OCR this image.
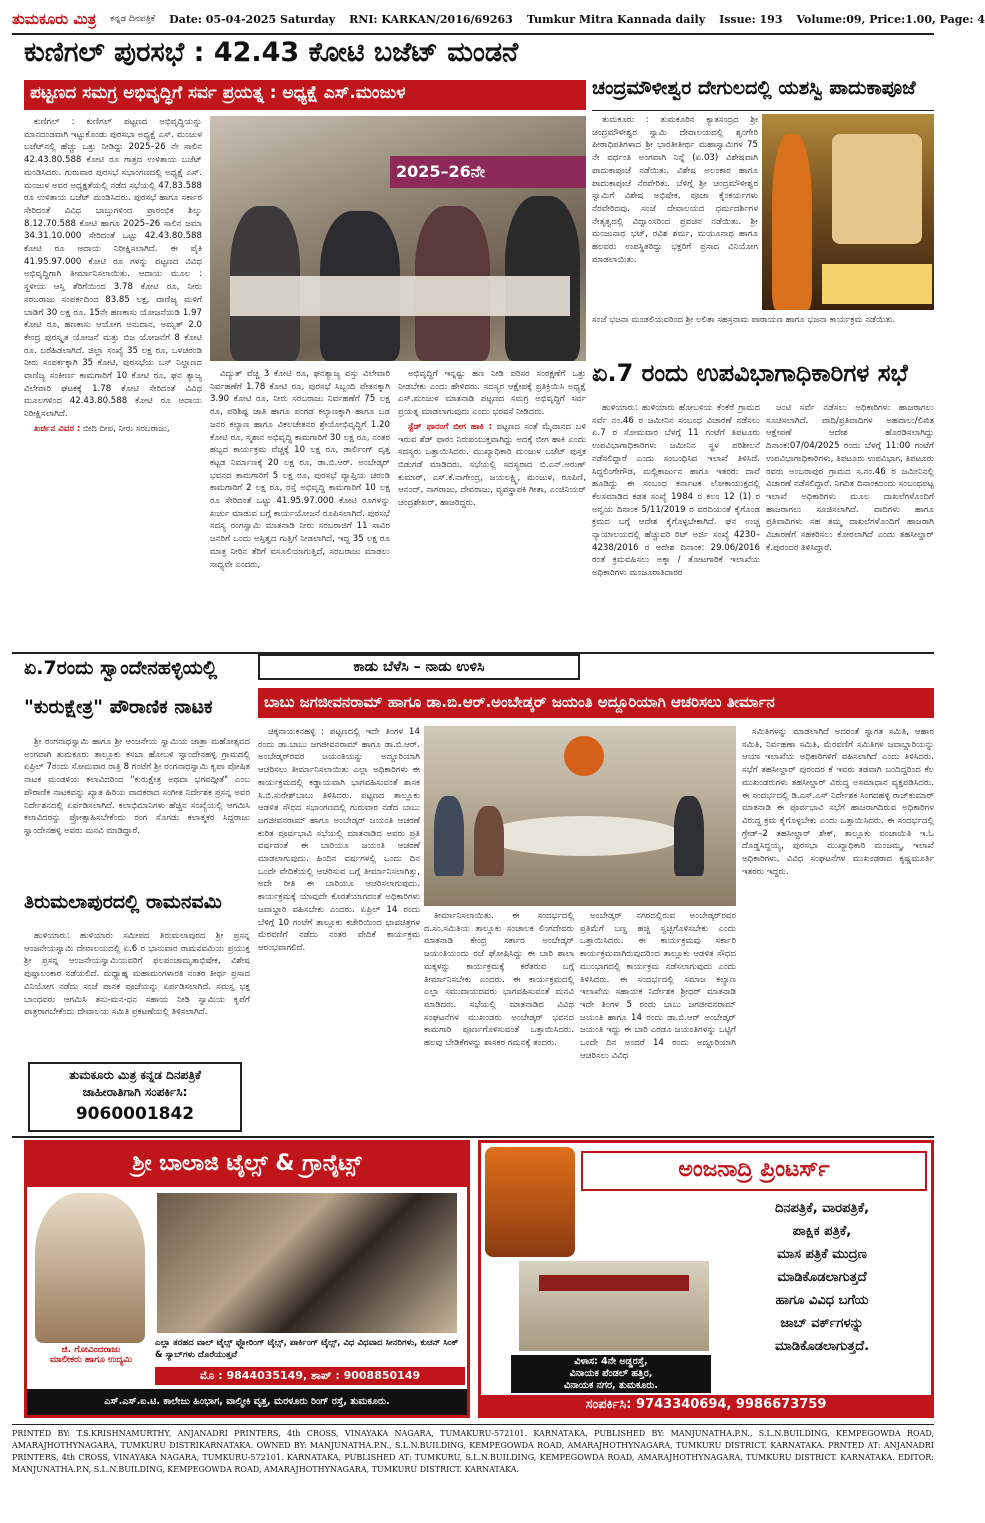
ತುಮಕೂರು ಮಿತ್ರ ಕನ್ನಡ ದಿನಪತ್ರಿಕೆ Date: 05-04-2025 Saturday RNI: KARKAN/2016/69263 Tumkur Mitra Kannada daily Issue: 193 Volume:09, Price:1.00, Page: 4
ಕುಣಿಗಲ್ ಪುರಸಭೆ : 42.43 ಕೋಟಿ ಬಜೆಟ್ ಮಂಡನೆ
ಪಟ್ಟಣದ ಸಮಗ್ರ ಅಭಿವೃದ್ಧಿಗೆ ಸರ್ವ ಪ್ರಯತ್ನ : ಅಧ್ಯಕ್ಷೆ ಎಸ್.ಮಂಜುಳ

ಕುಣಿಗಲ್ : ಕುಣಿಗಲ್ ಪಟ್ಟಣದ ಅಭಿವೃದ್ಧಿಯನ್ನು ಮಾನದಂಡವಾಗಿ ಇಟ್ಟುಕೊಂಡು ಪುರಸಭಾ ಅಧ್ಯಕ್ಷೆ ಎಸ್. ಮಂಜುಳ ಬಜೆಟ್‌ನಲ್ಲಿ ಹೆಚ್ಚು ಒತ್ತು ನೀಡಿದ್ದು 2025–26 ನೇ ಸಾಲಿನ 42.43.80.588 ಕೋಟಿ ರೂ ಗಾತ್ರದ ಉಳಿತಾಯ ಬಜೆಟ್ ಮಂಡಿಸಿದರು. ಗುರುವಾರ ಪುರಸಭೆ ಸಭಾಂಗಣದಲ್ಲಿ ಅಧ್ಯಕ್ಷೆ ಎಸ್. ಮಂಜುಳ ಅವರ ಅಧ್ಯಕ್ಷತೆಯಲ್ಲಿ ನಡೆದ ಸಭೆಯಲ್ಲಿ 47.83.588 ರೂ ಉಳಿತಾಯ ಬಜೆಟ್ ಮಂಡಿಸಿದರು. ಪುರಸಭೆ ಹಾಗೂ ಸರ್ಕಾರ ಸೇರಿದಂತೆ ವಿವಿಧ ಬಾಬ್ತುಗಳಿಂದ ಪ್ರಾರಂಭಿಕ ಶಿಲ್ಕು 8.12.70.588 ಕೋಟಿ ಹಾಗೂ 2025–26 ಸಾಲಿನ ಜಮಾ 34.31.10.000 ಸೇರಿದಂತೆ ಒಟ್ಟು 42.43.80.588 ಕೋಟಿ ರೂ ಆದಾಯ ನಿರೀಕ್ಷಿಸಲಾಗಿದೆ. ಈ ಪೈಕಿ 41.95.97.000 ಕೋಟಿ ರೂ ಗಳನ್ನು ಪಟ್ಟಣದ ವಿವಿಧ ಅಭಿವೃದ್ಧಿಗಾಗಿ ತೀರ್ಮಾನಿಸಲಾಯಿತು. ಆದಾಯ ಮೂಲ : ಸ್ಥಳೀಯ ಆಸ್ತಿ ತೆರಿಗೆಯಿಂದ 3.78 ಕೋಟಿ ರೂ, ನೀರು ಸರಬರಾಜು ಸಂಪರ್ಕದಿಂದ 83.85 ಲಕ್ಷ, ವಾಣಿಜ್ಯ ಮಳಿಗೆ ಬಾಡಿಗೆ 30 ಲಕ್ಷ ರೂ. 15ನೇ ಹಣಕಾಸು ಯೋಜನೆಯಡಿ 1.97 ಕೋಟಿ ರೂ, ಹಣಕಾಸು ಆಯೋಗ ಅನುದಾನ, ಅಮೃತ್ 2.0 ಕೇಂದ್ರ ಪುರಸ್ಕೃತ ಯೋಜನೆ ಮತ್ತು ಬಿಜ ಯೋಜನೆಗೆ 8 ಕೋಟಿ ರೂ. ಬರೆಹಿಡಲಾಗಿದೆ. ಜಿಲ್ಲಾ ಸಂಖ್ಯೆ 35 ಲಕ್ಷ ರೂ, ಒಳಚರಂಡಿ ನೀರು ಸಂಪರ್ಕಕ್ಕಾಗಿ 35 ಕೋಟಿ, ಪುರಸಭೆಯ ಬಸ್ ನಿಲ್ದಾಣದ ವಾಣಿಜ್ಯ ಸಂಕೀರ್ಣ ಕಾಮಗಾರಿಗೆ 10 ಕೋಟಿ ರೂ, ಘನ ತ್ಯಾಜ್ಯ ವಿಲೇವಾರಿ ಘಟಕಕ್ಕೆ 1.78 ಕೋಟಿ ಸೇರಿದಂತೆ ವಿವಿಧ ಮೂಲಗಳಿಂದ 42.43.80.588 ಕೋಟಿ ರೂ ಆದಾಯ ನಿರೀಕ್ಷಿಸಲಾಗಿದೆ.

ಖರ್ಚಿನ ವಿವರ : ಬೀದಿ ದೀಪ, ನೀರು ಸರಬರಾಜು,

2025–26ನೇ

ವಿದ್ಯುತ್ ವೆಚ್ಚ 3 ಕೋಟಿ ರೂ, ಘನತ್ಯಾಜ್ಯ ವಸ್ತು ವಿಲೇವಾರಿ ನಿರ್ವಹಣೆಗೆ 1.78 ಕೋಟಿ ರೂ, ಪುರಸಭೆ ಸಿಬ್ಬಂದಿ ವೇತನಕ್ಕಾಗಿ 3.90 ಕೋಟಿ ರೂ, ನೀರು ಸರಬರಾಜು ನಿರ್ವಹಣೆಗೆ 75 ಲಕ್ಷ ರೂ, ಪರಿಶಿಷ್ಟ ಜಾತಿ ಹಾಗೂ ಪಂಗಡ ಕಲ್ಯಾಣಕ್ಕಾಗಿ ಹಾಗೂ ಬಡ ಜನರ ಕಲ್ಯಾಣ ಹಾಗೂ ವಿಕಲಚೇತನರ ಶ್ರೇಯೋಭಿವೃದ್ಧಿಗೆ 1.20 ಕೋಟಿ ರೂ, ಸ್ಮಶಾನ ಅಭಿವೃದ್ಧಿ ಕಾಮಗಾರಿಗೆ 30 ಲಕ್ಷ ರೂ, ನಂತರ ಹಬ್ಬದ ಕಾರ್ಯಕ್ರಮ ವೆಚ್ಚಕ್ಕೆ 10 ಲಕ್ಷ ರೂ, ಡಾರ್ಲಿಂಗ್ ವೃತ್ತ ಕಟ್ಟಡ ನಿರ್ಮಾಣಕ್ಕೆ 20 ಲಕ್ಷ ರೂ, ಡಾ.ಬಿ.ಆರ್. ಅಂಬೇಡ್ಕರ್ ಭವನದ ಕಾಮಗಾರಿಗೆ 5 ಲಕ್ಷ ರೂ, ಪುರಸಭೆ ವ್ಯಾಪ್ತಿಯ ಚರಂಡಿ ಕಾಮಗಾರಿಗೆ 2 ಲಕ್ಷ ರೂ, ರಸ್ತೆ ಅಭಿವೃದ್ಧಿ ಕಾಮಗಾರಿಗೆ 10 ಲಕ್ಷ ರೂ ಸೇರಿದಂತೆ ಒಟ್ಟು 41.95.97.000 ಕೋಟಿ ರೂಗಳನ್ನು ಖರ್ಚು ಮಾಡುವ ಬಗ್ಗೆ ಕಾರ್ಯಯೋಜನೆ ರೂಪಿಸಲಾಗಿದೆ. ಪುರಸಭೆ ಸದಸ್ಯ ರಂಗಸ್ವಾಮಿ ಮಾತನಾಡಿ ನೀರು ಸರಬರಾಜಿಗೆ 11 ಸಾವಿರ ಜನರಿಗೆ ಒಂದು ಅಸ್ತಿತ್ವದ ಗುತ್ತಿಗೆ ನೀಡಲಾಗಿದೆ, ಇದ್ದ 35 ಲಕ್ಷ ರೂ ಮಾತ್ರ ನೀರಿನ ತೆರಿಗೆ ವಸೂಲಿಯಾಗುತ್ತಿದೆ, ಸರಬರಾಜು ಮಾಡಲು ಸಾಧ್ಯವೇ ಎಂದರು,

ಅಭಿವೃದ್ಧಿಗೆ ಇನ್ನಷ್ಟು ಹಣ ನೀಡಿ ಪರಿಸರ ಸಂರಕ್ಷಣೆಗೆ ಒತ್ತು ನೀಡಬೇಕು ಎಂದು ಹೇಳಿದರು. ಸದಸ್ಯರ ಆಕ್ಷೇಪಕ್ಕೆ ಪ್ರತಿಕ್ರಿಯಿಸಿ ಅಧ್ಯಕ್ಷೆ ಎಸ್.ಮಂಜುಳ ಮಾತನಾಡಿ ಪಟ್ಟಣದ ಸಮಗ್ರ ಅಭಿವೃದ್ಧಿಗೆ ಸರ್ವ ಪ್ರಯತ್ನ ಮಾಡಲಾಗುವುದು ಎಂದು ಭರವಸೆ ನೀಡಿದರು.

ಸ್ಟೆಡ್ ಫಾರಂಗೆ ಬೀಗ ಹಾಕಿ : ಪಟ್ಟಣದ ಸಂತೆ ಮೈದಾನದ ಬಳಿ ಇರುವ ಶೆಡ್ ಫಾರಂ ನಿರುಪಯುಕ್ತವಾಗಿದ್ದು ಅದಕ್ಕೆ ಬೀಗ ಹಾಕಿ ಎಂದು ಸದಸ್ಯರು ಒತ್ತಾಯಿಸಿದರು. ಮುಖ್ಯಾಧಿಕಾರಿ ಮಂಜುಳ ಬಜೆಟ್ ಪುಸ್ತಕ ಬಿಡುಗಡೆ ಮಾಡಿದರು. ಸಭೆಯಲ್ಲಿ ಸದಸ್ಯರಾದ ಬಿ.ಎನ್.ಅರುಣ್ ಕುಮಾರ್, ಎಸ್.ಕೆ.ನಾಗೇಂದ್ರ, ಜಯಲಕ್ಷ್ಮಿ, ಮಂಜುಳ, ರೂಪಿಣಿ, ಆನಂದ್, ನಾಗರಾಜು, ದೇವರಾಜು, ವ್ಯವಸ್ಥಾಪಕಿ ಗೀತಾ, ಎಂಜಿನಿಯರ್ ಚಂದ್ರಶೇಖರ್, ಹಾಜರಿದ್ದರು.

ಚಂದ್ರಮೌಳೀಶ್ವರ ದೇಗುಲದಲ್ಲಿ ಯಶಸ್ವಿ ಪಾದುಕಾಪೂಜೆ

ತುಮಕೂರು : ತುಮಕೂರಿನ ಕ್ಯಾತಸಂದ್ರದ ಶ್ರೀ ಚಂದ್ರಮೌಳೀಶ್ವರ ಸ್ವಾಮಿ ದೇವಾಲಯದಲ್ಲಿ ಶೃಂಗೇರಿ ಪೀಠಾಧಿಪತಿಗಳಾದ ಶ್ರೀ ಭಾರತೀತೀರ್ಥ ಮಹಾಸ್ವಾಮಿಗಳ 75 ನೇ ವರ್ಧಂತಿ ಅಂಗವಾಗಿ ನಿನ್ನೆ (ಏ.03) ವಿಶೇಷವಾಗಿ ಪಾದುಕಾಪೂಜೆ ನಡೆಯಿತು. ವಿಶೇಷ ಅಲಂಕಾರ ಹಾಗೂ ಪಾದುಕಾಪೂಜೆ ನೆರವೇರಿತು. ಬೆಳಿಗ್ಗೆ ಶ್ರೀ ಚಂದ್ರಮೌಳೀಶ್ವರ ಸ್ವಾಮಿಗೆ ವಿಶೇಷ ಅಭಿಷೇಕ, ಪೂಜಾ ಕೈಂಕರ್ಯಗಳು ನೆರವೇರಿದವು. ಸಂಜೆ ದೇವಾಲಯದ ಧರ್ಮದರ್ಶಿಗಳ ನೇತೃತ್ವದಲ್ಲಿ ವಿದ್ವಾಂಸರಿಂದ ಪ್ರವಚನ ನಡೆಯಿತು. ಶ್ರೀ ಮಂಜುನಾಥ ಭಟ್, ರವಿಶ ಶರ್ಮ, ಮಯೂನಾಥ ಹಾಗೂ ಹಲವರು ಉಪಸ್ಥಿತರಿದ್ದು ಭಕ್ತರಿಗೆ ಪ್ರಸಾದ ವಿನಿಯೋಗ ಮಾಡಲಾಯಿತು.

ಸಂಜೆ ಭಜನಾ ಮಂಡಲಿಯವರಿಂದ ಶ್ರೀ ಲಲಿತಾ ಸಹಸ್ರನಾಮ ಪಾರಾಯಣ ಹಾಗೂ ಭಜನಾ ಕಾರ್ಯಕ್ರಮ ನಡೆಯಿತು.
ಏ.7 ರಂದು ಉಪವಿಭಾಗಾಧಿಕಾರಿಗಳ ಸಭೆ

ಹುಳಿಯಾರು: ಹುಳಿಯಾರು ಹೋಬಳಿಯ ಕೆಂಕೆರೆ ಗ್ರಾಮದ ಸರ್ವೆ ನಂ.46 ರ ಜಮೀನಿನ ಸಂಬಂಧ ವಿಚಾರಣೆ ನಡೆಸಲು ಏ.7 ರ ಸೋಮವಾರ ಬೆಳಗ್ಗೆ 11 ಗಂಟೆಗೆ ತಿಪಟೂರು ಉಪವಿಭಾಗಾಧಿಕಾರಿಗಳು ಜಮೀನಿನ ಸ್ಥಳ ಪರಿಶೀಲನೆ ನಡೆಸಲಿದ್ದಾರೆ ಎಂದು ಸಂಬಂಧಿಸಿದ ಇಲಾಖೆ ತಿಳಿಸಿದೆ. ಸಿದ್ದಲಿಂಗೇಗೌಡ, ಮಲ್ಲಿಕಾರ್ಜುನ ಹಾಗೂ ಇತರರು ದಾವೆ ಹೂಡಿದ್ದು ಈ ಸಂಬಂಧ ಕರ್ನಾಟಕ ಲೋಕಾಯುಕ್ತದಲ್ಲಿ ಕೆಲಸಮಾಡಿದ ಕಡತ ಸಂಖ್ಯೆ 1984 ರ ಕಲಂ 12 (1) ರ ಅನ್ವಯ ದಿನಾಂಕ 5/11/2019 ರ ವರದಿಯಂತೆ ಕೈಗೊಂಡ ಕ್ರಮದ ಬಗ್ಗೆ ಆದೇಶ ಕೈಗೊಳ್ಳಬೇಕಾಗಿದೆ. ಘನ ಉಚ್ಚ ನ್ಯಾಯಾಲಯದಲ್ಲಿ ಹೆಚ್ಚುವರಿ ರಿಟ್ ಅರ್ಜಿ ಸಂಖ್ಯೆ 4230–4238/2016 ರ ಆದೇಶ ದಿನಾಂಕ: 29.06/2016 ರಂತೆ ಕ್ರಮವಹಿಸಲು ಅಕ್ಕಾ / ತೋಟಗಾರಿಕೆ ಇಲಾಖೆಯ ಅಧಿಕಾರಿಗಳು ಮಂಜೂರಾತಿದಾರರ

ಜಂಟಿ ಸರ್ವೆ ನಡೆಸಲು ಅಧಿಕಾರಿಗಳು ಹಾಜರಾಗಲು ಸೂಚಿಸಲಾಗಿದೆ. ವಾದಿ/ಪ್ರತಿವಾದಿಗಳ ಅಹವಾಲು/ಲಿಖಿತ ಆಕ್ಷೇಪಣೆ ಆದೇಶ ಹೊರಡಿಸಲಾಗಿದ್ದು ದಿನಾಂಕ:07/04/2025 ರಂದು ಬೆಳಗ್ಗೆ 11:00 ಗಂಟೆಗೆ ಉಪವಿಭಾಗಾಧಿಕಾರಿಗಳು, ತಿಪಟೂರು ಉಪವಿಭಾಗ, ತಿಪಟೂರು ರವರು ಅಂಬರಾಪುರ ಗ್ರಾಮದ ಸ.ನಂ.46 ರ ಜಮೀನಿನಲ್ಲಿ ವಿಚಾರಣೆ ನಡೆಸಲಿದ್ದಾರೆ. ನಿಗದಿತ ದಿನಾಂಕದಂದು ಸಂಬಂಧಪಟ್ಟ ಇಲಾಖೆ ಅಧಿಕಾರಿಗಳು ಮೂಲ ದಾಖಲೆಗಳೊಂದಿಗೆ ಹಾಜರಾಗಲು ಸೂಚಿಸಲಾಗಿದೆ. ವಾದಿಗಳು ಹಾಗೂ ಪ್ರತಿವಾದಿಗಳು ಸಹ ತಮ್ಮ ದಾಖಲೆಗಳೊಂದಿಗೆ ಹಾಜರಾಗಿ ವಿಚಾರಣೆಗೆ ಸಹಕರಿಸಲು ಕೋರಲಾಗಿದೆ ಎಂದು ತಹಸೀಲ್ದಾರ್ ಕೆ.ಪುರಂದರ ತಿಳಿಸಿದ್ದಾರೆ.

ಏ.7ರಂದು ಸ್ವಾಂದೇನಹಳ್ಳಿಯಲ್ಲಿ
"ಕುರುಕ್ಷೇತ್ರ" ಪೌರಾಣಿಕ ನಾಟಕ

ಶ್ರೀ ರಂಗನಾಥಸ್ವಾಮಿ ಹಾಗೂ ಶ್ರೀ ಆಂಜನೇಯ ಸ್ವಾಮಿಯ ಜಾತ್ರಾ ಮಹೋತ್ಸವದ ಅಂಗವಾಗಿ ತುಮಕೂರು ತಾಲ್ಲೂಕು ಕಸಬಾ ಹೋಬಳಿ ಸ್ವಾಂದೇನಹಳ್ಳಿ ಗ್ರಾಮದಲ್ಲಿ ಏಪ್ರಿಲ್ 7ರಂದು ಸೋಮವಾರ ರಾತ್ರಿ 8 ಗಂಟೆಗೆ ಶ್ರೀ ರಂಗನಾಥಸ್ವಾಮಿ ಕೃಪಾ ಪೋಷಿತ ನಾಟಕ ಮಂಡಳಿಯ ಕಲಾವಿದರಿಂದ "ಕುರುಕ್ಷೇತ್ರ ಅಥವಾ ಭಗವದ್ಗೀತೆ" ಎಂಬ ಪೌರಾಣಿಕ ನಾಟಕವನ್ನು ಖ್ಯಾತ ಹಿರಿಯ ವಾದಕರಾದ ಸಂಗೀತ ನಿರ್ದೇಶಕ ಪ್ರಸನ್ನ ಅವರ ನಿರ್ದೇಶನದಲ್ಲಿ ಏರ್ಪಡಿಸಲಾಗಿದೆ. ಕಲಾಭಿಮಾನಿಗಳು ಹೆಚ್ಚಿನ ಸಂಖ್ಯೆಯಲ್ಲಿ ಆಗಮಿಸಿ ಕಲಾವಿದರನ್ನು ಪ್ರೋತ್ಸಾಹಿಸಬೇಕೆಂದು ರಂಗ ಸೊಗಡು ಕಲಾತ್ಮಕರ ಸಿದ್ದರಾಜು ಸ್ವಾಂದೇನಹಳ್ಳಿ ಅವರು ಮನವಿ ಮಾಡಿದ್ದಾರೆ.

ತಿರುಮಲಾಪುರದಲ್ಲಿ ರಾಮನವಮಿ

ಹುಳಿಯಾರು: ಹುಳಿಯಾರು ಸಮೀಪದ ತಿರುಮಲಾಪುರದ ಶ್ರೀ ಪ್ರಸನ್ನ ಆಂಜನೇಯಸ್ವಾಮಿ ದೇವಾಲಯದಲ್ಲಿ ಏ.6 ರ ಭಾನುವಾರ ರಾಮನವಮಿಯ ಪ್ರಯುಕ್ತ ಶ್ರೀ ಪ್ರಸನ್ನ ಆಂಜನೇಯಸ್ವಾಮಿಯವರಿಗೆ ಫಲಪಂಚಾಮೃತಾಭಿಷೇಕ, ವಿಶೇಷ ಪುಷ್ಪಾಲಂಕಾರ ನಡೆಯಲಿದೆ. ಮಧ್ಯಾಹ್ನ ಮಹಾಮಂಗಳಾರತಿ ನಂತರ ತೀರ್ಥ ಪ್ರಸಾದ ವಿನಿಯೋಗ ನಡೆದು ಸಂಜೆ ಪಾನಕ ಪೂಜೆಯನ್ನು ಏರ್ಪಡಿಸಲಾಗಿದೆ. ಸಮಸ್ತ ಭಕ್ತ ಬಾಂಧವರು ಆಗಮಿಸಿ ತನು-ಮನ-ಧನ ಸಹಾಯ ನೀಡಿ ಸ್ವಾಮಿಯ ಕೃಪೆಗೆ ಪಾತ್ರರಾಗಬೇಕೆಂದು ದೇವಾಲಯ ಸಮಿತಿ ಪ್ರಕಟಣೆಯಲ್ಲಿ ತಿಳಿಸಲಾಗಿದೆ.

ತುಮಕೂರು ಮಿತ್ರ ಕನ್ನಡ ದಿನಪತ್ರಿಕೆ
ಜಾಹೀರಾತಿಗಾಗಿ ಸಂಪರ್ಕಿಸಿ:
9060001842
ಕಾಡು ಬೆಳೆಸಿ – ನಾಡು ಉಳಿಸಿ
ಬಾಬು ಜಗಜೀವನರಾಮ್ ಹಾಗೂ ಡಾ.ಬಿ.ಆರ್.ಅಂಬೇಡ್ಕರ್ ಜಯಂತಿ ಅದ್ದೂರಿಯಾಗಿ ಆಚರಿಸಲು ತೀರ್ಮಾನ

ಚಿಕ್ಕನಾಯಕನಹಳ್ಳಿ : ಪಟ್ಟಣದಲ್ಲಿ ಇದೇ ತಿಂಗಳ 14 ರಂದು ಡಾ.ಬಾಬು ಜಗಜೀವನರಾಮ್ ಹಾಗೂ ಡಾ.ಬಿ.ಆರ್. ಅಂಬೇಡ್ಕರ್‌ರವರ ಜಯಂತಿಯನ್ನು ಅದ್ದೂರಿಯಾಗಿ ಆಚರಿಸಲು ತೀರ್ಮಾನಿಸಲಾಯಿತು ಎಲ್ಲಾ ಅಧಿಕಾರಿಗಳು ಈ ಕಾರ್ಯಕ್ರಮದಲ್ಲಿ ಕಡ್ಡಾಯವಾಗಿ ಭಾಗವಹಿಸುವಂತೆ ಶಾಸಕ ಸಿ.ಬಿ.ಸುರೇಶ್‌ಬಾಬು ತಿಳಿಸಿದರು. ಪಟ್ಟಣದ ತಾಲ್ಲೂಕು ಆಡಳಿತ ಸೌಧದ ಸಭಾಂಗಣದಲ್ಲಿ ಗುರುವಾರ ನಡೆದ ಬಾಬು ಜಗಜೀವನರಾಮ್ ಹಾಗೂ ಅಂಬೇಡ್ಕರ್ ಜಯಂತಿ ಆಚರಣೆ ಕುರಿತ ಪೂರ್ವಭಾವಿ ಸಭೆಯಲ್ಲಿ ಮಾತನಾಡಿದ ಅವರು ಪ್ರತಿ ವರ್ಷದಂತೆ ಈ ಬಾರಿಯೂ ಜಯಂತಿ ಆಚರಣೆ ಮಾಡಲಾಗುವುದು. ಹಿಂದಿನ ವರ್ಷಗಳಲ್ಲಿ ಒಂದು ದಿನ ಒಂದೇ ವೇದಿಕೆಯಲ್ಲಿ ಆಚರಿಸುವ ಬಗ್ಗೆ ತೀರ್ಮಾನಿಸಲಾಗಿತ್ತು, ಅದೇ ರೀತಿ ಈ ಬಾರಿಯೂ ಆಚರಿಸಲಾಗುವುದು. ಕಾರ್ಯಕ್ರಮಕ್ಕೆ ಯಾವುದೇ ಕೊರತೆಯಾಗದಂತೆ ಅಧಿಕಾರಿಗಳು ಜವಾಬ್ದಾರಿ ವಹಿಸಬೇಕು ಎಂದರು. ಏಪ್ರಿಲ್ 14 ರಂದು ಬೆಳಿಗ್ಗೆ 10 ಗಂಟೆಗೆ ತಾಲ್ಲೂಕು ಕಚೇರಿಯಿಂದ ಭಾವಚಿತ್ರಗಳ ಮೆರವಣಿಗೆ ನಡೆದು ನಂತರ ವೇದಿಕೆ ಕಾರ್ಯಕ್ರಮ ಆರಂಭವಾಗಲಿದೆ.

ತೀರ್ಮಾನಿಸಲಾಯಿತು. ಈ ಸಂದರ್ಭದಲ್ಲಿ ದ.ಸಂ.ಸಮಿತಿಯ ತಾಲ್ಲೂಕು ಸಂಚಾಲಕ ಲಿಂಗದೇವರು ಮಾತನಾಡಿ ಕೇಂದ್ರ ಸರ್ಕಾರ ಅಂಬೇಡ್ಕರ್ ಜಯಂತಿಯಂದು ರಜೆ ಘೋಷಿಸಿದ್ದು ಈ ಬಾರಿ ಶಾಲಾ ಮಕ್ಕಳನ್ನು ಕಾರ್ಯಕ್ರಮಕ್ಕೆ ಕರೆತರುವ ಬಗ್ಗೆ ತೀರ್ಮಾನಿಸಬೇಕು ಎಂದರು. ಈ ಕಾರ್ಯಕ್ರಮದಲ್ಲಿ ಎಲ್ಲಾ ಸಮುದಾಯದವರು ಭಾಗವಹಿಸುವಂತೆ ಮನವಿ ಮಾಡಿದರು. ಸಭೆಯಲ್ಲಿ ಮಾತನಾಡಿದ ವಿವಿಧ ಸಂಘಟನೆಗಳ ಮುಖಂಡರು ಅಂಬೇಡ್ಕರ್ ಭವನದ ಕಾಮಗಾರಿ ಪೂರ್ಣಗೊಳಿಸುವಂತೆ ಒತ್ತಾಯಿಸಿದರು. ಹಲವು ಬೇಡಿಕೆಗಳನ್ನು ಶಾಸಕರ ಗಮನಕ್ಕೆ ತಂದರು.

ಅಂಬೇಡ್ಕರ್ ನಗರದಲ್ಲಿರುವ ಅಂಬೇಡ್ಕರ್‌ರವರ ಪ್ರತಿಮೆಗೆ ಬಣ್ಣ ಹಚ್ಚಿ ಸ್ವಚ್ಛಗೊಳಿಸಬೇಕು ಎಂದು ಒತ್ತಾಯಿಸಿದರು. ಈ ಕಾರ್ಯಕ್ರಮವು ಸರ್ಕಾರಿ ಕಾರ್ಯಕ್ರಮವಾಗಿರುವುದರಿಂದ ತಾಲ್ಲೂಕು ಆಡಳಿತ ಸೌಧದ ಮುಂಭಾಗದಲ್ಲಿ ಕಾರ್ಯಕ್ರಮ ನಡೆಸಲಾಗುವುದು ಎಂದು ತಿಳಿಸಿದರು. ಈ ಸಂದರ್ಭದಲ್ಲಿ ಸಮಾಜ ಕಲ್ಯಾಣ ಇಲಾಖೆಯ ಸಹಾಯಕ ನಿರ್ದೇಶಕ ಶ್ರೀಧರ್ ಮಾತನಾಡಿ ಇದೇ ತಿಂಗಳ 5 ರಂದು ಬಾಬು ಜಗಜೀವನರಾಮ್ ಜಯಂತಿ ಹಾಗೂ 14 ರಂದು ಡಾ.ಬಿ.ಆರ್ ಅಂಬೇಡ್ಕರ್ ಜಯಂತಿ ಇದ್ದು ಈ ಬಾರಿ ಎರಡೂ ಜಯಂತಿಗಳನ್ನು ಒಟ್ಟಿಗೆ ಒಂದೇ ದಿನ ಅಂದರೆ 14 ರಂದು ಅದ್ದೂರಿಯಾಗಿ ಆಚರಿಸಲು ವಿವಿಧ

ಸಮಿತಿಗಳನ್ನು ಮಾಡಲಾಗಿದೆ ಅದರಂತೆ ಸ್ವಾಗತ ಸಮಿತಿ, ಆಹಾರ ಸಮಿತಿ, ನಿರ್ವಹಣಾ ಸಮಿತಿ, ಮೆರವಣಿಗೆ ಸಮಿತಿಗಳ ಜವಾಬ್ದಾರಿಯನ್ನು ಆಯಾ ಇಲಾಖೆಯ ಅಧಿಕಾರಿಗಳಿಗೆ ವಹಿಸಲಾಗಿದೆ ಎಂದು ತಿಳಿಸಿದರು. ಸಭೆಗೆ ತಹಸೀಲ್ದಾರ್ ಪುರಂದರ ಕೆ ಇವರು ತಡವಾಗಿ ಬಂದಿದ್ದರಿಂದ ಕೆಲ ಮುಖಂಡರುಗಳು ತಹಸೀಲ್ದಾರ್ ವಿರುದ್ಧ ಅಸಮಾಧಾನ ವ್ಯಕ್ತಪಡಿಸಿದರು. ಈ ಸಂದರ್ಭದಲ್ಲಿ ಡಿ.ಎಸ್.ಎಸ್ ನಿರ್ದೇಶಕ ಸಿಂಗದಹಳ್ಳಿ ರಾಜ್‌ಕುಮಾರ್ ಮಾತನಾಡಿ ಈ ಪೂರ್ವಭಾವಿ ಸಭೆಗೆ ಹಾಜರಾಗದಿರುವ ಅಧಿಕಾರಿಗಳ ವಿರುದ್ಧ ಕ್ರಮ ಕೈಗೊಳ್ಳಬೇಕು ಎಂದು ಒತ್ತಾಯಿಸಿದರು. ಈ ಸಂದರ್ಭದಲ್ಲಿ ಗ್ರೇಡ್–2 ತಹಸೀಲ್ದಾರ್ ಶೇಕ್, ತಾಲ್ಲೂಕು ಪಂಚಾಯಿತಿ ಇ.ಓ ದೊಡ್ಡಸಿದ್ದಯ್ಯ, ಪುರಸಭಾ ಮುಖ್ಯಾಧಿಕಾರಿ ಮಂಜಮ್ಮ, ಇಲಾಖೆ ಅಧಿಕಾರಿಗಳು, ವಿವಿಧ ಸಂಘಟನೆಗಳ ಮುಖಂಡರಾದ ಕೃಷ್ಣಮೂರ್ತಿ ಇತರರು ಇದ್ದರು.

ಶ್ರೀ ಬಾಲಾಜಿ ಟೈಲ್ಸ್ & ಗ್ರಾನೈಟ್ಸ್
ಜಿ. ಗೋವಿಂದರಾಜು
ಮಾಲೀಕರು ಹಾಗೂ ಉದ್ಯಮಿ
ಎಲ್ಲಾ ತರಹದ ವಾಲ್ ಟೈಲ್ಸ್ ಫ್ಲೋರಿಂಗ್ ಟೈಲ್ಸ್, ಪಾರ್ಕಿಂಗ್ ಟೈಲ್ಸ್, ವಿಧ ವಿಧವಾದ ಸೀನರಿಗಳು, ಕುಚನ್ ಸಿಂಕ್ & ಸ್ಯಾಬ್‌ಗಳು ದೊರೆಯುತ್ತವೆ
ಮೊ : 9844035149, ಶಾಪ್ : 9008850149
ಎಸ್.ಎಸ್.ಐ.ಟಿ. ಕಾಲೇಜು ಹಿಂಭಾಗ, ವಾಲ್ಮೀಕಿ ವೃತ್ತ, ಮರಳೂರು ರಿಂಗ್ ರಸ್ತೆ, ತುಮಕೂರು.
ಅಂಜನಾದ್ರಿ ಪ್ರಿಂಟರ್ಸ್
ದಿನಪತ್ರಿಕೆ, ವಾರಪತ್ರಿಕೆ,
ಪಾಕ್ಷಿಕ ಪತ್ರಿಕೆ,
ಮಾಸ ಪತ್ರಿಕೆ ಮುದ್ರಣ
ಮಾಡಿಕೊಡಲಾಗುತ್ತದೆ
ಹಾಗೂ ವಿವಿಧ ಬಗೆಯ
ಜಾಬ್ ವರ್ಕ್‌ಗಳನ್ನು
ಮಾಡಿಕೊಡಲಾಗುತ್ತದೆ.
ವಿಳಾಸ: 4ನೇ ಅಡ್ಡರಸ್ತೆ,
ವಿನಾಯಕ ಪೆಂಡಲ್ ಹತ್ತಿರ,
ವಿನಾಯಕ ನಗರ, ತುಮಕೂರು.
ಸಂಪರ್ಕಿಸಿ: 9743340694, 9986673759
PRINTED BY: T.S.KRISHNAMURTHY, ANJANADRI PRINTERS, 4th CROSS, VINAYAKA NAGARA, TUMAKURU-572101. KARNATAKA, PUBLISHED BY: MANJUNATHA.P.N., S.L.N.BUILDING, KEMPEGOWDA ROAD, AMARAJHOTHYNAGARA, TUMKURU DISTRIKARNATAKA. OWNED BY: MANJUNATHA.P.N., S.L.N.BUILDING, KEMPEGOWDA ROAD, AMARAJHOTHYNAGARA, TUMKURU DISTRICT. KARNATAKA. PRNTED AT: ANJANADRI PRINTERS, 4th CROSS, VINAYAKA NAGARA, TUMKURU-572101. KARNATAKA, PUBLISHED AT: TUMKURU, S.L.N.BUILDING, KEMPEGOWDA ROAD, AMARAJHOTHYNAGARA, TUMKURU DISTRICT. KARNATAKA. EDITOR: MANJUNATHA.P.N, S.L.N.BUILDING, KEMPEGOWDA ROAD, AMARAJHOTHYNAGARA, TUMKURU DISTRICT. KARNATAKA.
